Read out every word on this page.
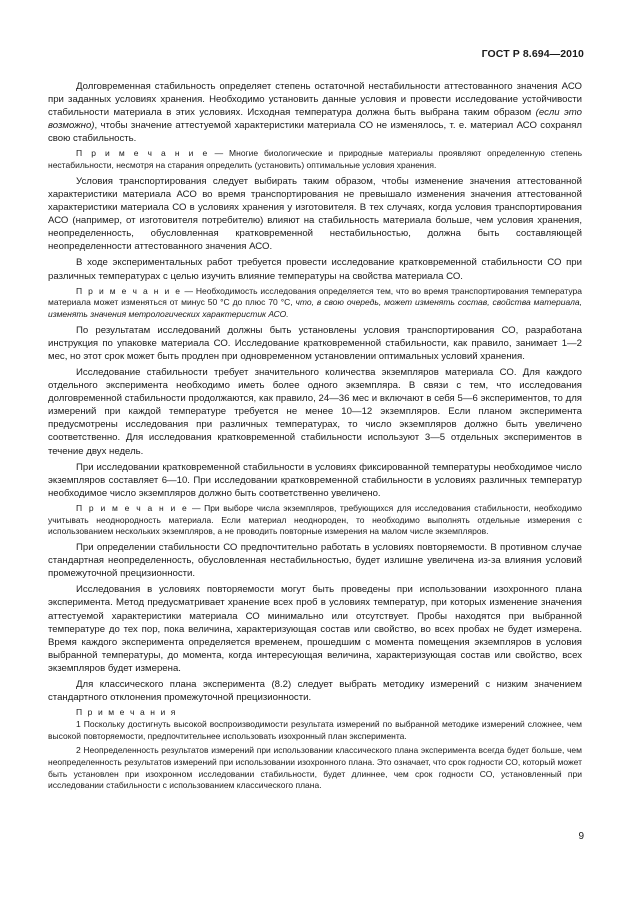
ГОСТ Р 8.694—2010

Долговременная стабильность определяет степень остаточной нестабильности аттестованного значения АСО при заданных условиях хранения. Необходимо установить данные условия и провести исследование устойчивости стабильности материала в этих условиях. Исходная температура должна быть выбрана таким образом (если это возможно), чтобы значение аттестуемой характеристики материала СО не изменялось, т. е. материал АСО сохранял свою стабильность.

П р и м е ч а н и е — Многие биологические и природные материалы проявляют определенную степень нестабильности, несмотря на старания определить (установить) оптимальные условия хранения.

Условия транспортирования следует выбирать таким образом, чтобы изменение значения аттестованной характеристики материала АСО во время транспортирования не превышало изменения значения аттестованной характеристики материала СО в условиях хранения у изготовителя. В тех случаях, когда условия транспортирования АСО (например, от изготовителя потребителю) влияют на стабильность материала больше, чем условия хранения, неопределенность, обусловленная кратковременной нестабильностью, должна быть составляющей неопределенности аттестованного значения АСО.

В ходе экспериментальных работ требуется провести исследование кратковременной стабильности СО при различных температурах с целью изучить влияние температуры на свойства материала СО.

П р и м е ч а н и е — Необходимость исследования определяется тем, что во время транспортирования температура материала может изменяться от минус 50 °С до плюс 70 °С, что, в свою очередь, может изменять состав, свойства материала, изменять значения метрологических характеристик АСО.

По результатам исследований должны быть установлены условия транспортирования СО, разработана инструкция по упаковке материала СО. Исследование кратковременной стабильности, как правило, занимает 1—2 мес, но этот срок может быть продлен при одновременном установлении оптимальных условий хранения.

Исследование стабильности требует значительного количества экземпляров материала СО. Для каждого отдельного эксперимента необходимо иметь более одного экземпляра. В связи с тем, что исследования долговременной стабильности продолжаются, как правило, 24—36 мес и включают в себя 5—6 экспериментов, то для измерений при каждой температуре требуется не менее 10—12 экземпляров. Если планом эксперимента предусмотрены исследования при различных температурах, то число экземпляров должно быть увеличено соответственно. Для исследования кратковременной стабильности используют 3—5 отдельных экспериментов в течение двух недель.

При исследовании кратковременной стабильности в условиях фиксированной температуры необходимое число экземпляров составляет 6—10. При исследовании кратковременной стабильности в условиях различных температур необходимое число экземпляров должно быть соответственно увеличено.

П р и м е ч а н и е — При выборе числа экземпляров, требующихся для исследования стабильности, необходимо учитывать неоднородность материала. Если материал неоднороден, то необходимо выполнять отдельные измерения с использованием нескольких экземпляров, а не проводить повторные измерения на малом числе экземпляров.

При определении стабильности СО предпочтительно работать в условиях повторяемости. В противном случае стандартная неопределенность, обусловленная нестабильностью, будет излишне увеличена из-за влияния условий промежуточной прецизионности.

Исследования в условиях повторяемости могут быть проведены при использовании изохронного плана эксперимента. Метод предусматривает хранение всех проб в условиях температур, при которых изменение значения аттестуемой характеристики материала СО минимально или отсутствует. Пробы находятся при выбранной температуре до тех пор, пока величина, характеризующая состав или свойство, во всех пробах не будет измерена. Время каждого эксперимента определяется временем, прошедшим с момента помещения экземпляров в условия выбранной температуры, до момента, когда интересующая величина, характеризующая состав или свойство, всех экземпляров будет измерена.

Для классического плана эксперимента (8.2) следует выбрать методику измерений с низким значением стандартного отклонения промежуточной прецизионности.

П р и м е ч а н и я

1 Поскольку достигнуть высокой воспроизводимости результата измерений по выбранной методике измерений сложнее, чем высокой повторяемости, предпочтительнее использовать изохронный план эксперимента.

2 Неопределенность результатов измерений при использовании классического плана эксперимента всегда будет больше, чем неопределенность результатов измерений при использовании изохронного плана. Это означает, что срок годности СО, который может быть установлен при изохронном исследовании стабильности, будет длиннее, чем срок годности СО, установленный при исследовании стабильности с использованием классического плана.

9
